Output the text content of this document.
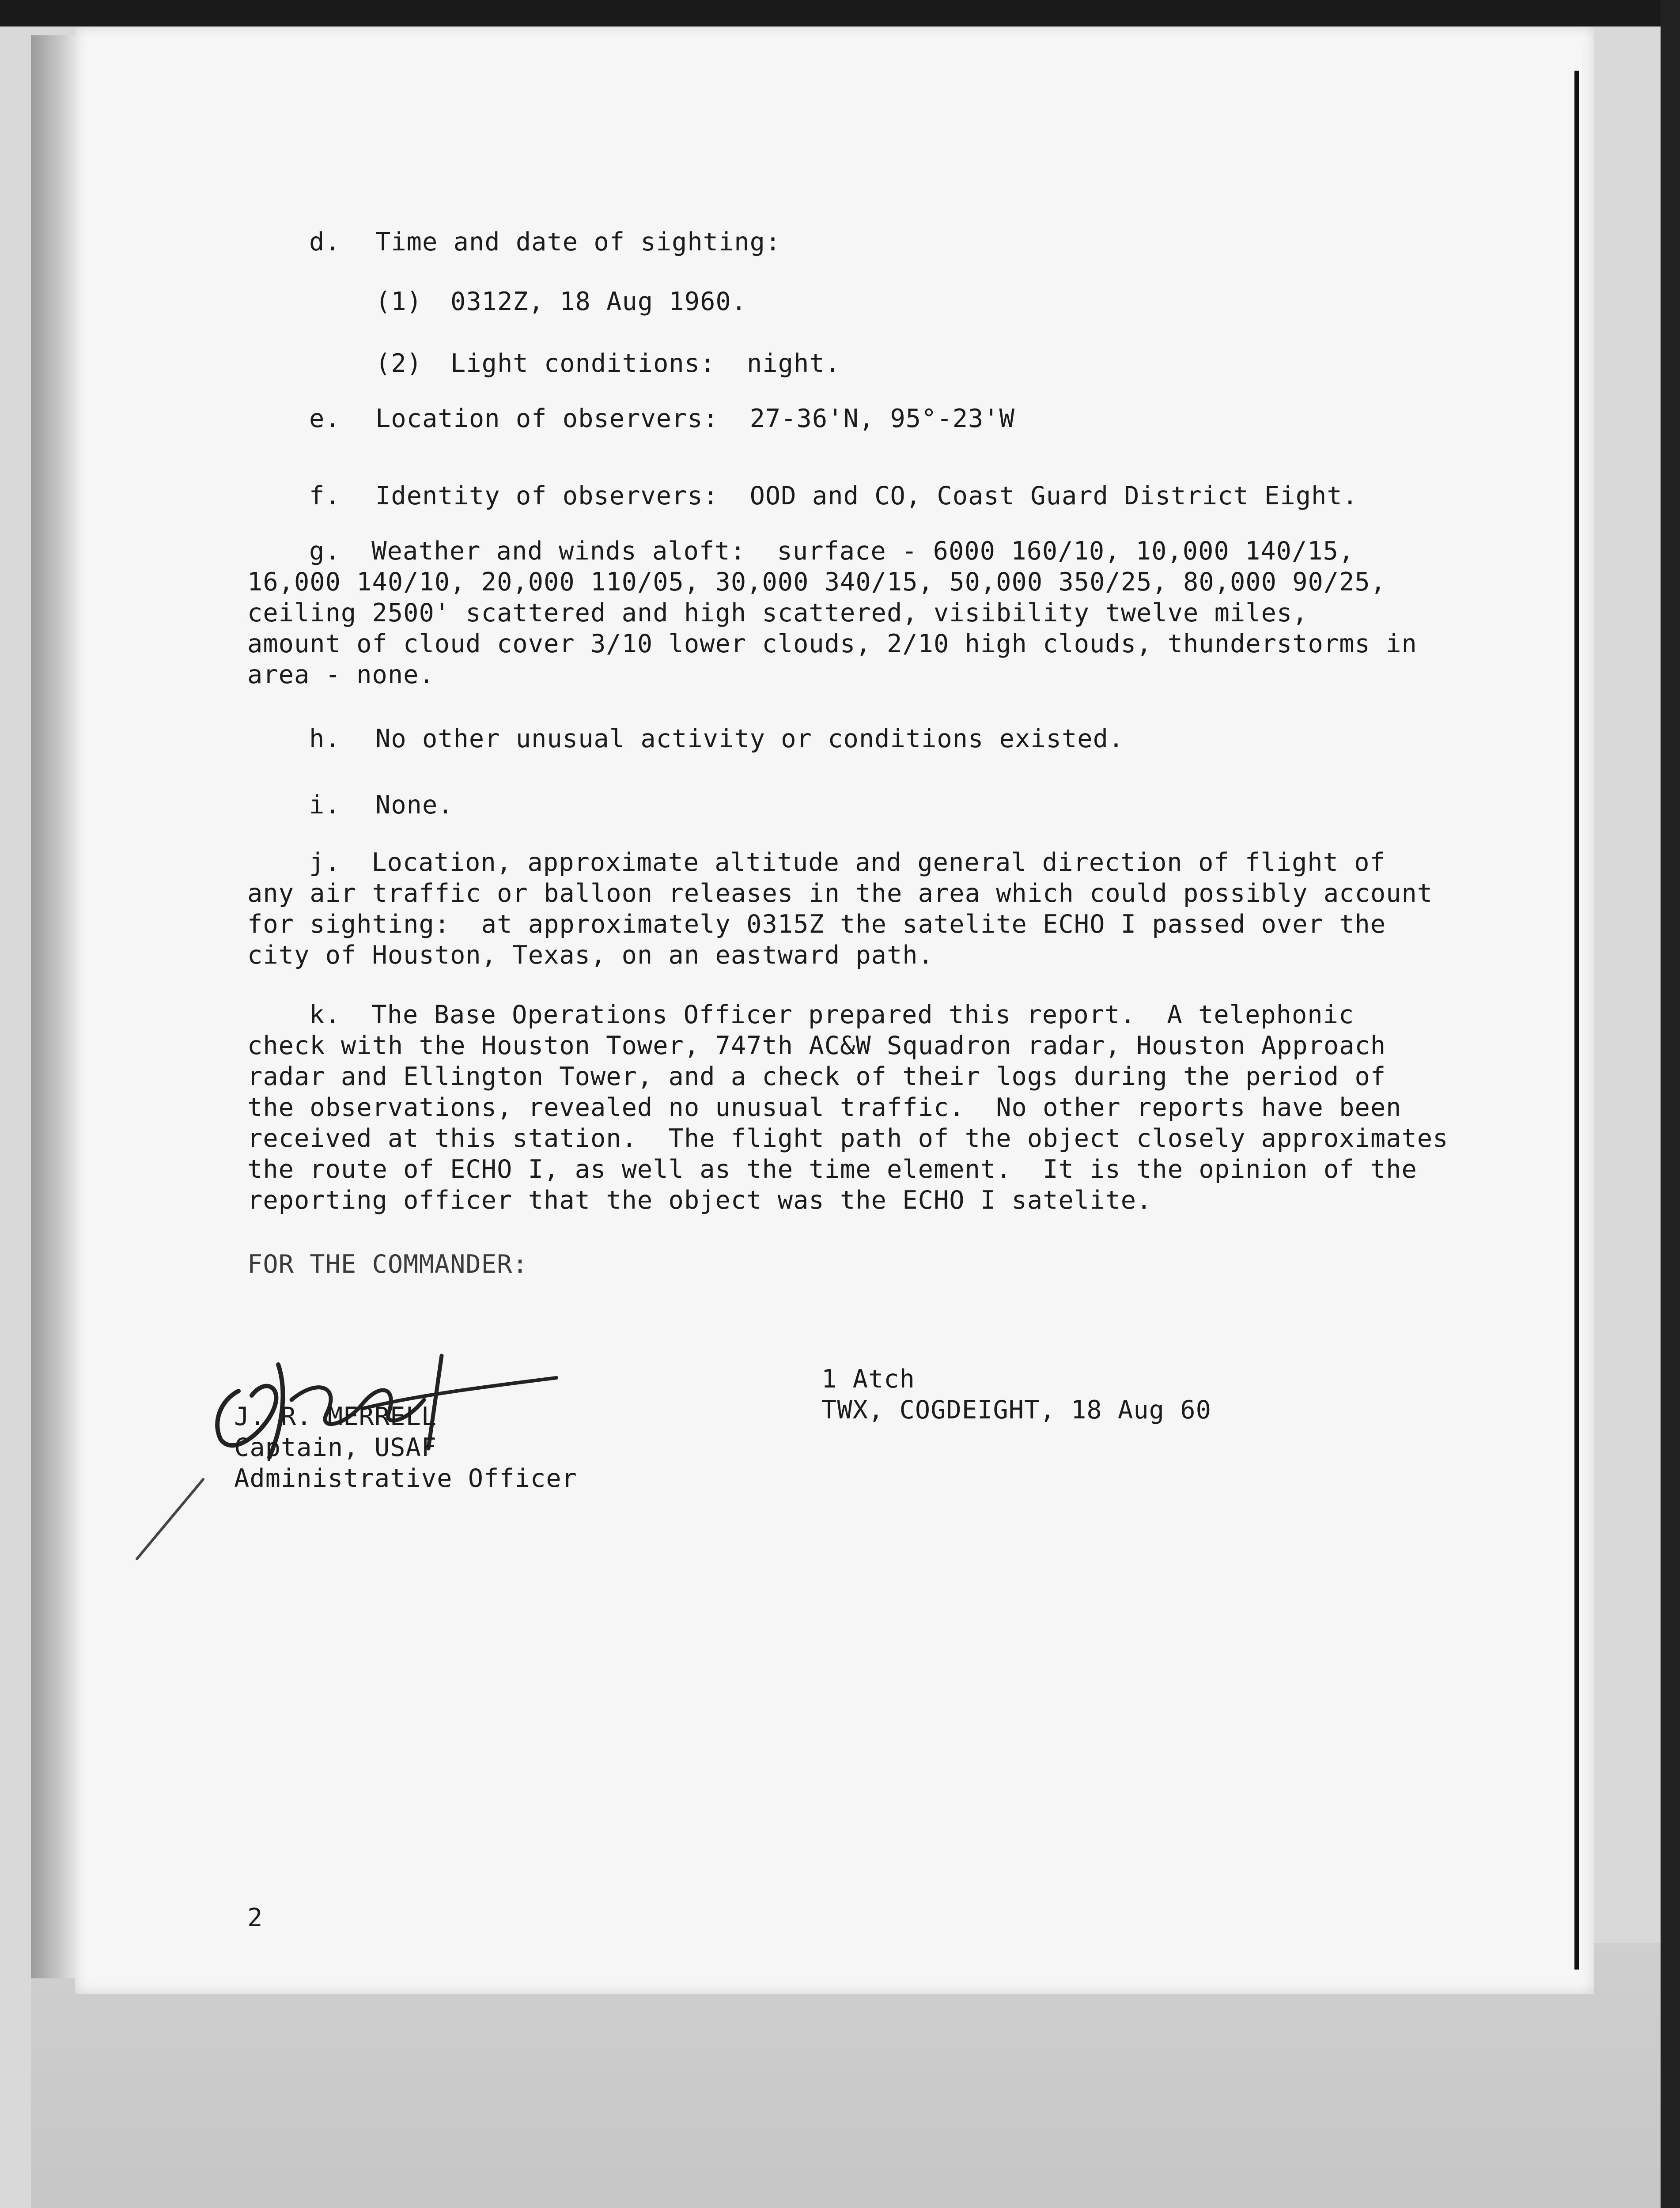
d. Time and date of sighting:
(1) 0312Z, 18 Aug 1960.
(2) Light conditions:  night.
e. Location of observers:  27-36'N, 95°-23'W
f. Identity of observers:  OOD and CO, Coast Guard District Eight.
g.  Weather and winds aloft:  surface - 6000 160/10, 10,000 140/15,
16,000 140/10, 20,000 110/05, 30,000 340/15, 50,000 350/25, 80,000 90/25,
ceiling 2500' scattered and high scattered, visibility twelve miles,
amount of cloud cover 3/10 lower clouds, 2/10 high clouds, thunderstorms in
area - none.
h. No other unusual activity or conditions existed.
i. None.
j.  Location, approximate altitude and general direction of flight of
any air traffic or balloon releases in the area which could possibly account
for sighting:  at approximately 0315Z the satelite ECHO I passed over the
city of Houston, Texas, on an eastward path.
k.  The Base Operations Officer prepared this report.  A telephonic
check with the Houston Tower, 747th AC&W Squadron radar, Houston Approach
radar and Ellington Tower, and a check of their logs during the period of
the observations, revealed no unusual traffic.  No other reports have been
received at this station.  The flight path of the object closely approximates
the route of ECHO I, as well as the time element.  It is the opinion of the
reporting officer that the object was the ECHO I satelite.
FOR THE COMMANDER:
J. R. MERRELL
Captain, USAF
Administrative Officer
1 Atch
TWX, COGDEIGHT, 18 Aug 60
2
